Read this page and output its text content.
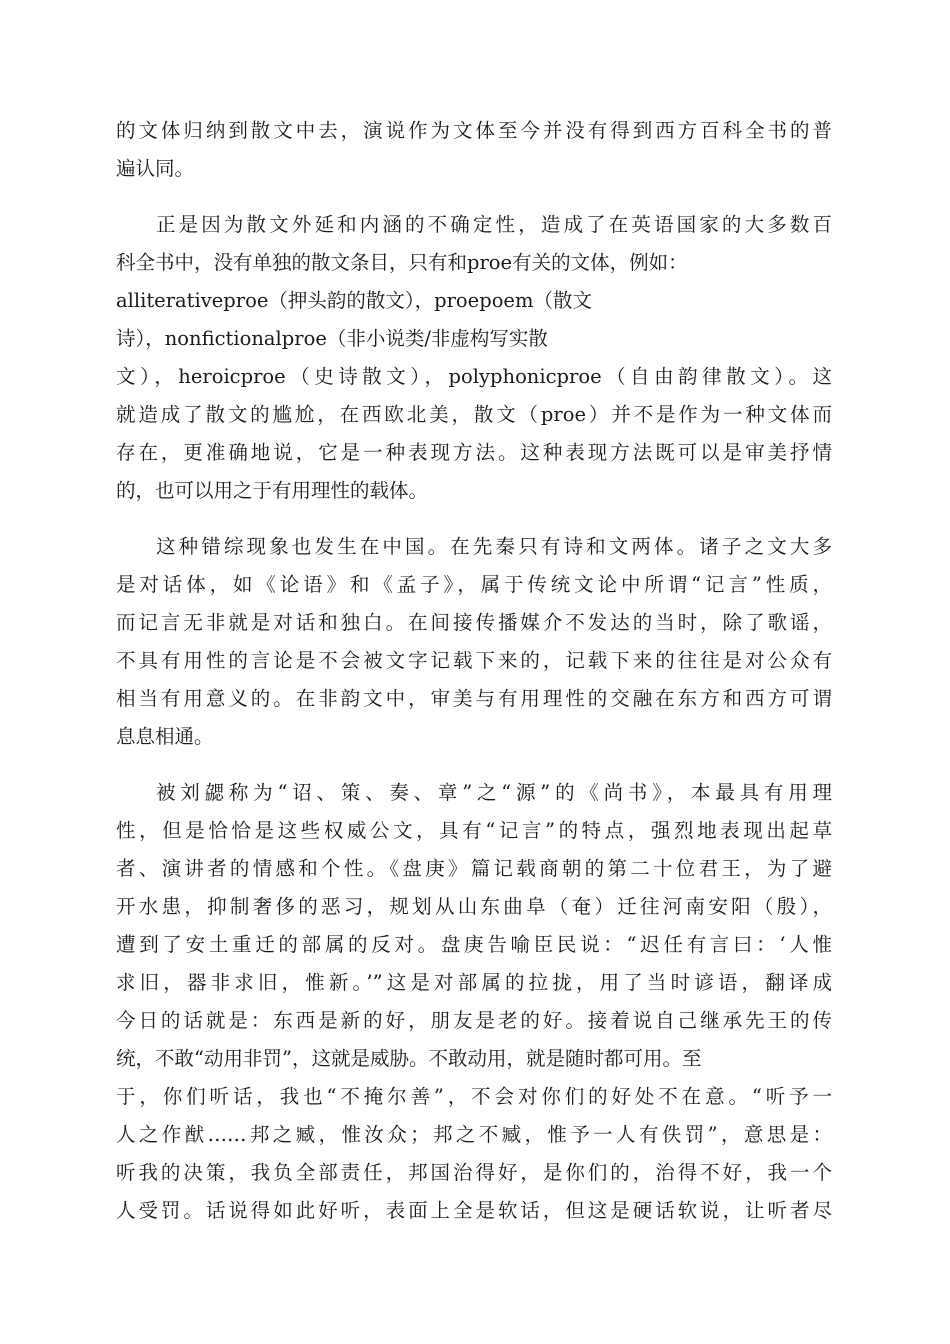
的文体归纳到散文中去，演说作为文体至今并没有得到西方百科全书的普
遍认同。
正是因为散文外延和内涵的不确定性，造成了在英语国家的大多数百
科全书中，没有单独的散文条目，只有和proe有关的文体，例如：
alliterativeproe（押头韵的散文），proepoem（散文
诗），nonfictionalproe（非小说类/非虚构写实散
文），heroicproe（史诗散文），polyphonicproe（自由韵律散文）。这
就造成了散文的尴尬，在西欧北美，散文（proe）并不是作为一种文体而
存在，更准确地说，它是一种表现方法。这种表现方法既可以是审美抒情
的，也可以用之于有用理性的载体。
这种错综现象也发生在中国。在先秦只有诗和文两体。诸子之文大多
是对话体，如《论语》和《孟子》，属于传统文论中所谓“记言”性质，
而记言无非就是对话和独白。在间接传播媒介不发达的当时，除了歌谣，
不具有用性的言论是不会被文字记载下来的，记载下来的往往是对公众有
相当有用意义的。在非韵文中，审美与有用理性的交融在东方和西方可谓
息息相通。
被刘勰称为“诏、策、奏、章”之“源”的《尚书》，本最具有用理
性，但是恰恰是这些权威公文，具有“记言”的特点，强烈地表现出起草
者、演讲者的情感和个性。《盘庚》篇记载商朝的第二十位君王，为了避
开水患，抑制奢侈的恶习，规划从山东曲阜（奄）迁往河南安阳（殷），
遭到了安土重迁的部属的反对。盘庚告喻臣民说：“迟任有言曰：‘人惟
求旧，器非求旧，惟新。’”这是对部属的拉拢，用了当时谚语，翻译成
今日的话就是：东西是新的好，朋友是老的好。接着说自己继承先王的传
统，不敢“动用非罚”，这就是威胁。不敢动用，就是随时都可用。至
于，你们听话，我也“不掩尔善”，不会对你们的好处不在意。“听予一
人之作猷……邦之臧，惟汝众；邦之不臧，惟予一人有佚罚”，意思是：
听我的决策，我负全部责任，邦国治得好，是你们的，治得不好，我一个
人受罚。话说得如此好听，表面上全是软话，但这是硬话软说，让听者尽
